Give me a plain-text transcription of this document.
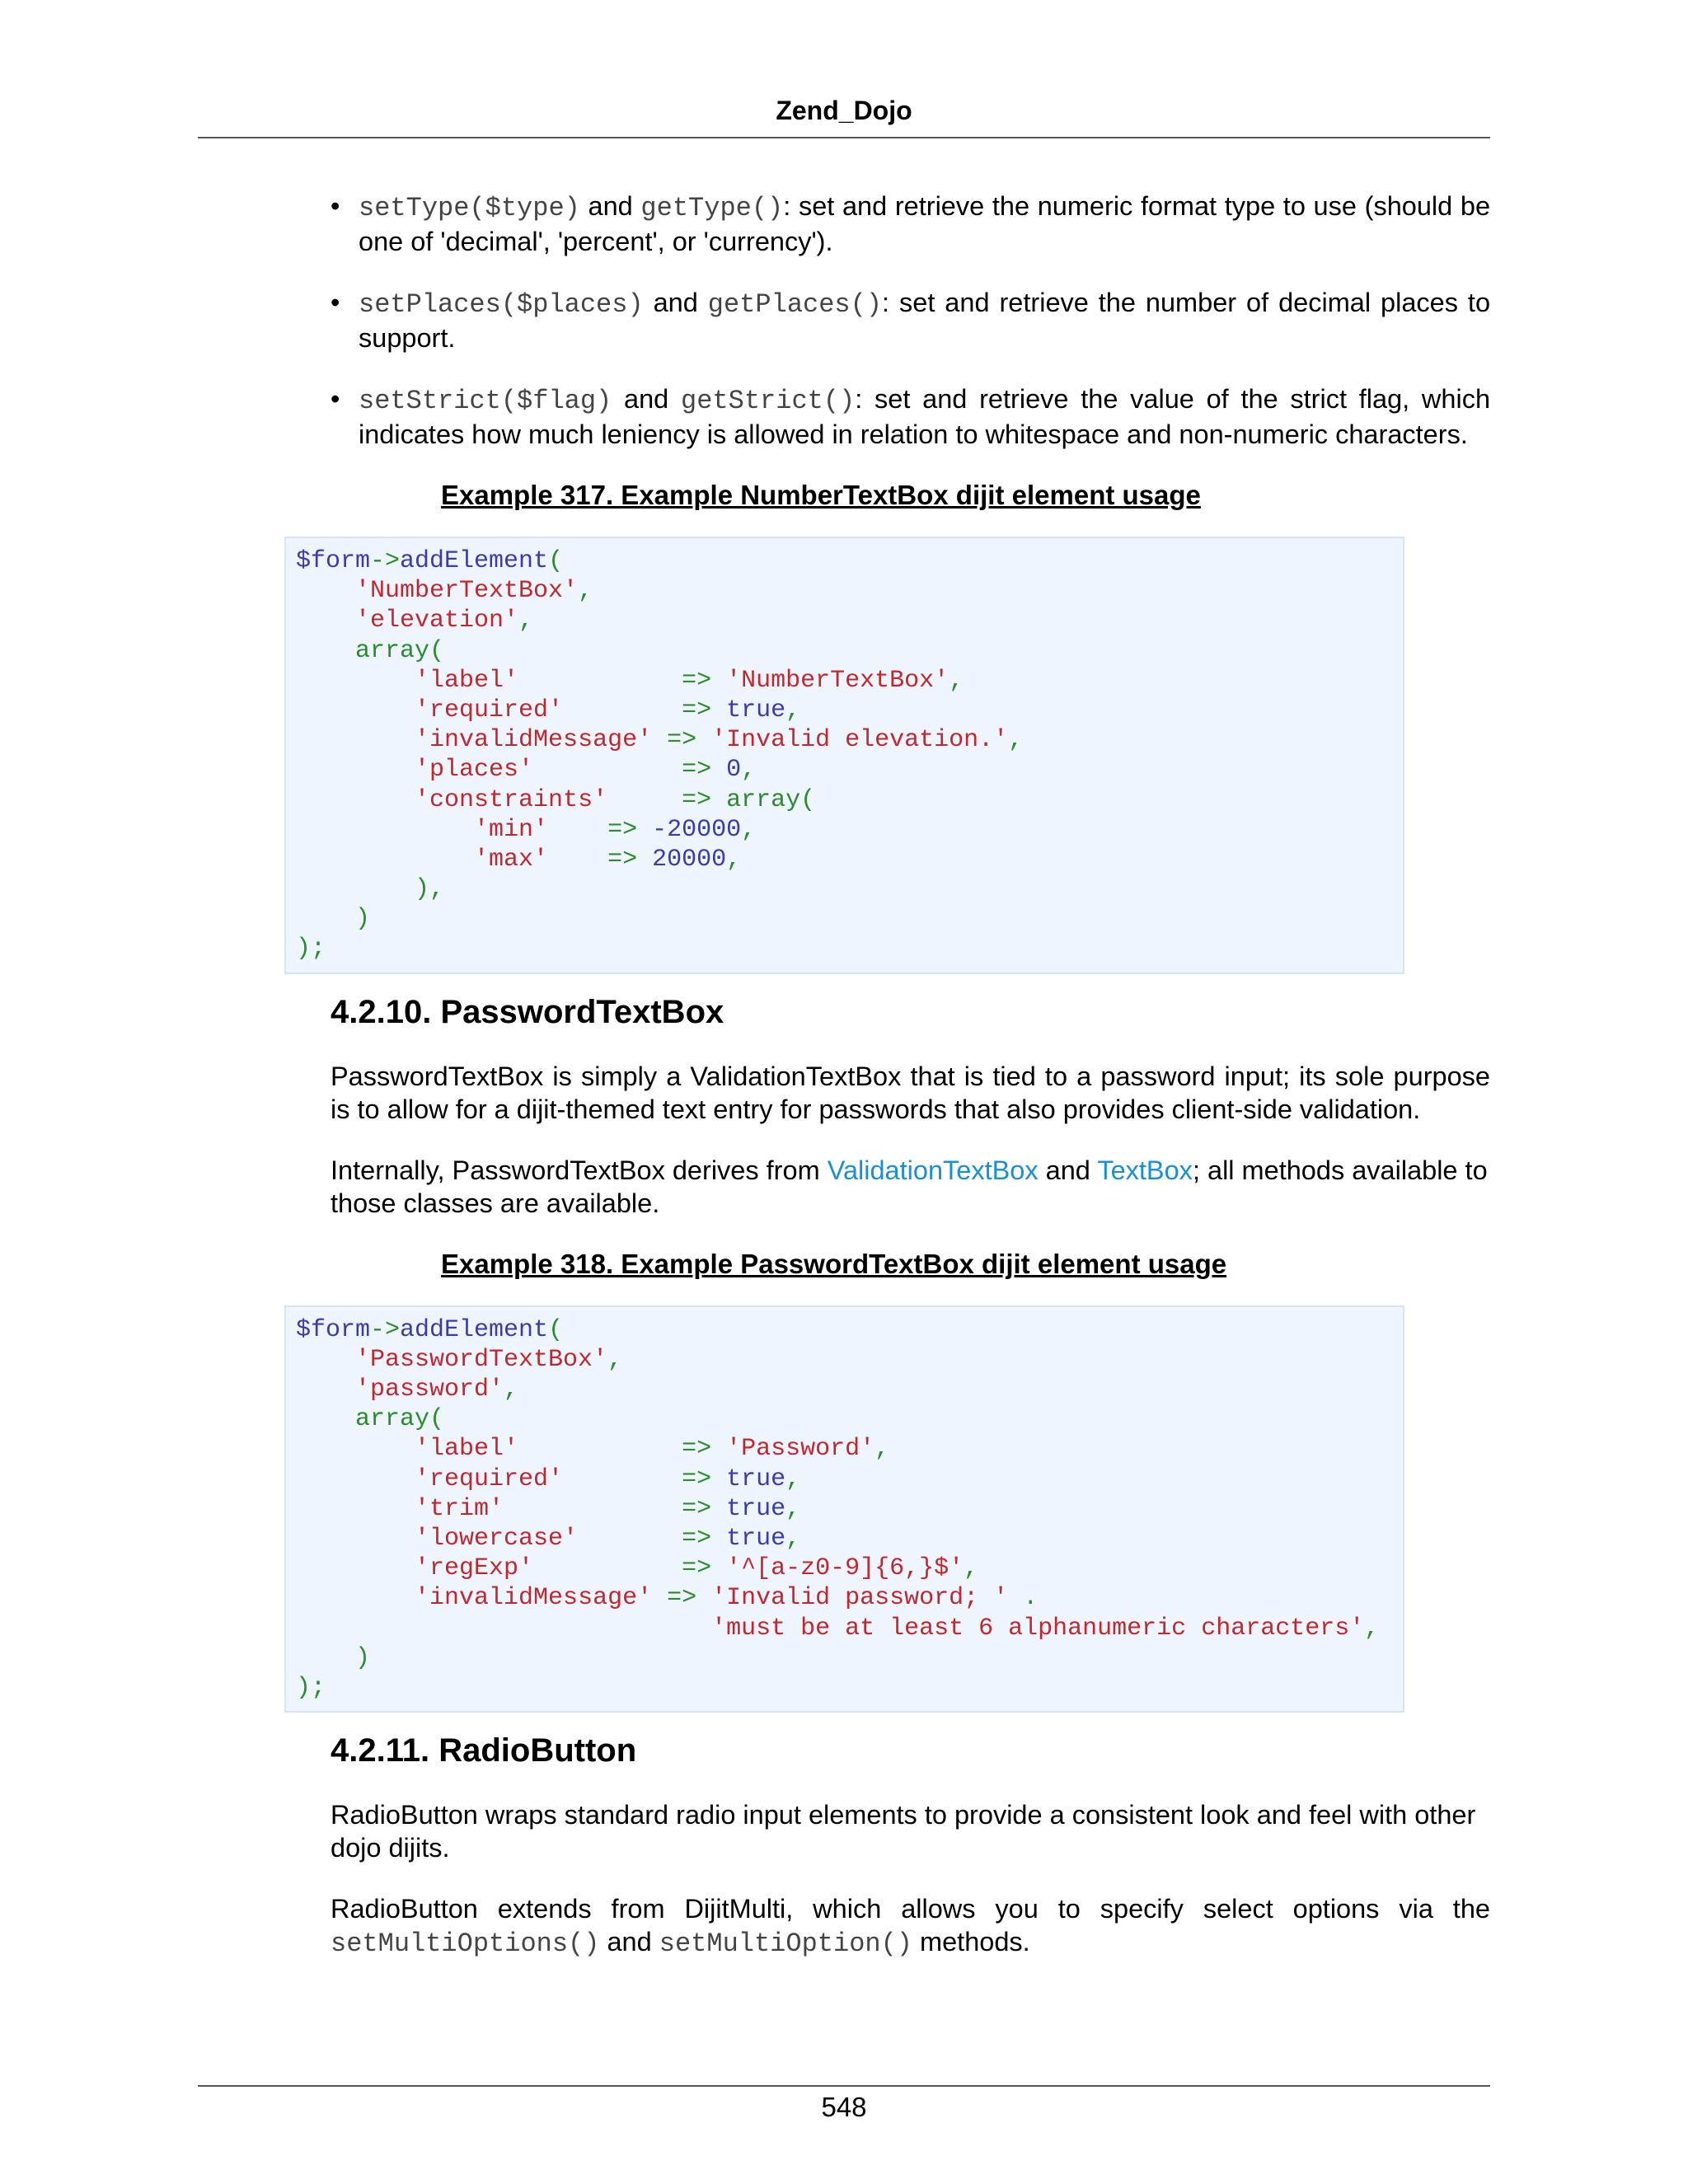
Zend_Dojo
• setType($type) and getType(): set and retrieve the numeric format type to use (should be one of 'decimal', 'percent', or 'currency').
• setPlaces($places) and getPlaces(): set and retrieve the number of decimal places to support.
• setStrict($flag) and getStrict(): set and retrieve the value of the strict flag, which indicates how much leniency is allowed in relation to whitespace and non-numeric characters.
Example 317. Example NumberTextBox dijit element usage
$form->addElement(
'NumberTextBox',
'elevation',
array(
'label'	=> 'NumberTextBox',
'required'	=> true,
'invalidMessage' => 'Invalid elevation.',
'places'	=> 0,
'constraints'	=> array(
'min' => -20000,
'max' => 20000,
),
)
);
4.2.10. PasswordTextBox

PasswordTextBox is simply a ValidationTextBox that is tied to a password input; its sole purpose is to allow for a dijit-themed text entry for passwords that also provides client-side validation.

Internally, PasswordTextBox derives from ValidationTextBox and TextBox; all methods available to those classes are available.

Example 318. Example PasswordTextBox dijit element usage
$form->addElement(
'PasswordTextBox',
'password',
array(
'label'	=> 'Password',
'required'	=> true,
'trim'	=> true,
'lowercase'	=> true,
'regExp'	=> '^[a-z0-9]{6,}$',
'invalidMessage' => 'Invalid password; ' .
'must be at least 6 alphanumeric characters',
)
);
4.2.11. RadioButton

RadioButton wraps standard radio input elements to provide a consistent look and feel with other dojo dijits.

RadioButton extends from DijitMulti, which allows you to specify select options via the setMultiOptions() and setMultiOption() methods.

548
